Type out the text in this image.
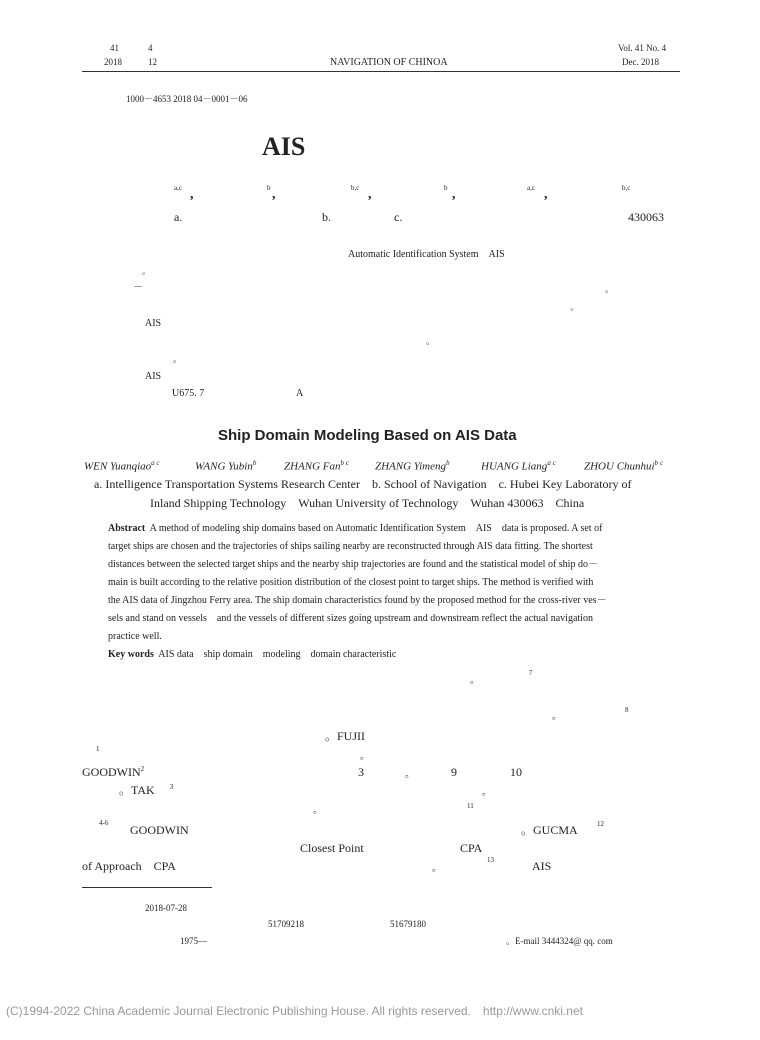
41	4
2018	12	NAVIGATION OF CHINOA
Vol. 41 No. 4
Dec. 2018
1000－4653 2018 04－0001－06
AIS
a,c ,	b ,	b,c ,	b ,	a,c ,	b,c
a.	b.	c.	430063
Automatic Identification System　AIS
。
－	。
。
AIS
。
。
AIS
U675. 7	A
Ship Domain Modeling Based on AIS Data
WEN Yuanqiao$^{a c}$	WANG Yubin$^b$	ZHANG Fan$^{b c}$ ZHANG Yimeng$^b$	HUANG Liang$^{a c}$	ZHOU Chunhui$^{b c}$
a. Intelligence Transportation Systems Research Center　b. School of Navigation　c. Hubei Key Laboratory of
Inland Shipping Technology　Wuhan University of Technology　Wuhan 430063　China
Abstract A method of modeling ship domains based on Automatic Identification System　AIS　data is proposed. A set of
target ships are chosen and the trajectories of ships sailing nearby are reconstructed through AIS data fitting. The shortest
distances between the selected target ships and the nearby ship trajectories are found and the statistical model of ship do－
main is built according to the relative position distribution of the closest point to target ships. The method is verified with
the AIS data of Jingzhou Ferry area. The ship domain characteristics found by the proposed method for the cross-river ves－
sels and stand on vessels　and the vessels of different sizes going upstream and downstream reflect the actual navigation
practice well.
Key words AIS data　ship domain　modeling　domain characteristic
。
7
。
8
1
。FUJII
。
GOODWIN$^2$	3	。	9	10
。TAK $^3$	。
11
。
4-6 GOODWIN	。GUCMA	12
Closest Point	CPA
of Approach　CPA	。
13	AIS
2018-07-28
51709218	51679180
1975—	。E-mail 3444324@ qq. com
(C)1994-2022 China Academic Journal Electronic Publishing House. All rights reserved.　http://www.cnki.net
